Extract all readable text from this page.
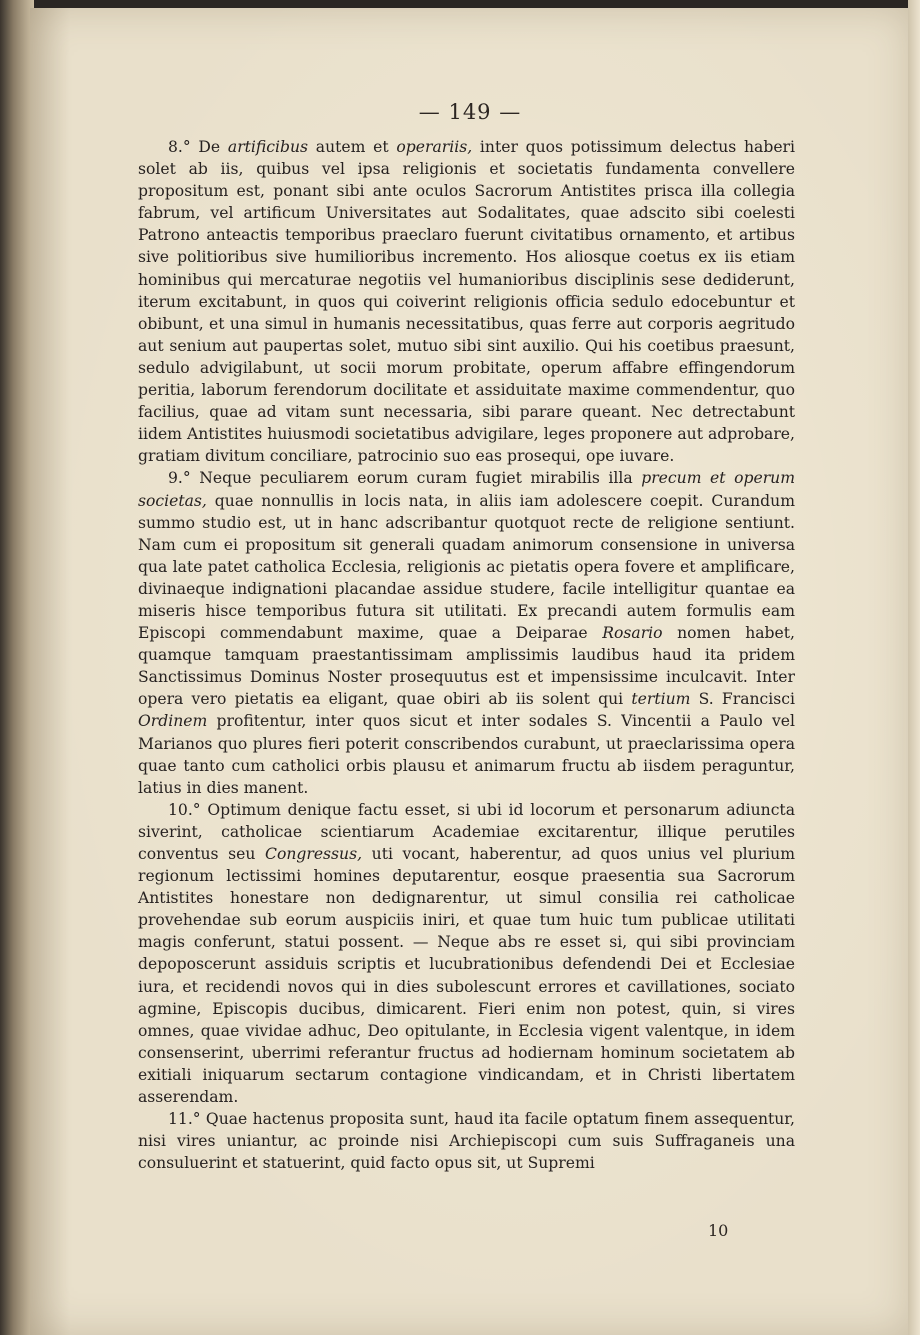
— 149 —

8.° De artificibus autem et operariis, inter quos potissimum delectus haberi solet ab iis, quibus vel ipsa religionis et societatis fundamenta convellere propositum est, ponant sibi ante oculos Sacrorum Antistites prisca illa collegia fabrum, vel artificum Universitates aut Sodalitates, quae adscito sibi coelesti Patrono anteactis temporibus praeclaro fuerunt civitatibus ornamento, et artibus sive politioribus sive humilioribus incremento. Hos aliosque coetus ex iis etiam hominibus qui mercaturae negotiis vel humanioribus disciplinis sese dediderunt, iterum excitabunt, in quos qui coiverint religionis officia sedulo edocebuntur et obibunt, et una simul in humanis necessitatibus, quas ferre aut corporis aegritudo aut senium aut paupertas solet, mutuo sibi sint auxilio. Qui his coetibus praesunt, sedulo advigilabunt, ut socii morum probitate, operum affabre effingendorum peritia, laborum ferendorum docilitate et assiduitate maxime commendentur, quo facilius, quae ad vitam sunt necessaria, sibi parare queant. Nec detrectabunt iidem Antistites huiusmodi societatibus advigilare, leges proponere aut adprobare, gratiam divitum conciliare, patrocinio suo eas prosequi, ope iuvare.

9.° Neque peculiarem eorum curam fugiet mirabilis illa precum et operum societas, quae nonnullis in locis nata, in aliis iam adolescere coepit. Curandum summo studio est, ut in hanc adscribantur quotquot recte de religione sentiunt. Nam cum ei propositum sit generali quadam animorum consensione in universa qua late patet catholica Ecclesia, religionis ac pietatis opera fovere et amplificare, divinaeque indignationi placandae assidue studere, facile intelligitur quantae ea miseris hisce temporibus futura sit utilitati. Ex precandi autem formulis eam Episcopi commendabunt maxime, quae a Deiparae Rosario nomen habet, quamque tamquam praestantissimam amplissimis laudibus haud ita pridem Sanctissimus Dominus Noster prosequutus est et impensissime inculcavit. Inter opera vero pietatis ea eligant, quae obiri ab iis solent qui tertium S. Francisci Ordinem profitentur, inter quos sicut et inter sodales S. Vincentii a Paulo vel Marianos quo plures fieri poterit conscribendos curabunt, ut praeclarissima opera quae tanto cum catholici orbis plausu et animarum fructu ab iisdem peraguntur, latius in dies manent.

10.° Optimum denique factu esset, si ubi id locorum et personarum adiuncta siverint, catholicae scientiarum Academiae excitarentur, illique perutiles conventus seu Congressus, uti vocant, haberentur, ad quos unius vel plurium regionum lectissimi homines deputarentur, eosque praesentia sua Sacrorum Antistites honestare non dedignarentur, ut simul consilia rei catholicae provehendae sub eorum auspiciis iniri, et quae tum huic tum publicae utilitati magis conferunt, statui possent. — Neque abs re esset si, qui sibi provinciam depoposcerunt assiduis scriptis et lucubrationibus defendendi Dei et Ecclesiae iura, et recidendi novos qui in dies subolescunt errores et cavillationes, sociato agmine, Episcopis ducibus, dimicarent. Fieri enim non potest, quin, si vires omnes, quae vividae adhuc, Deo opitulante, in Ecclesia vigent valentque, in idem consenserint, uberrimi referantur fructus ad hodiernam hominum societatem ab exitiali iniquarum sectarum contagione vindicandam, et in Christi libertatem asserendam.

11.° Quae hactenus proposita sunt, haud ita facile optatum finem assequentur, nisi vires uniantur, ac proinde nisi Archiepiscopi cum suis Suffraganeis una consuluerint et statuerint, quid facto opus sit, ut Supremi

10
